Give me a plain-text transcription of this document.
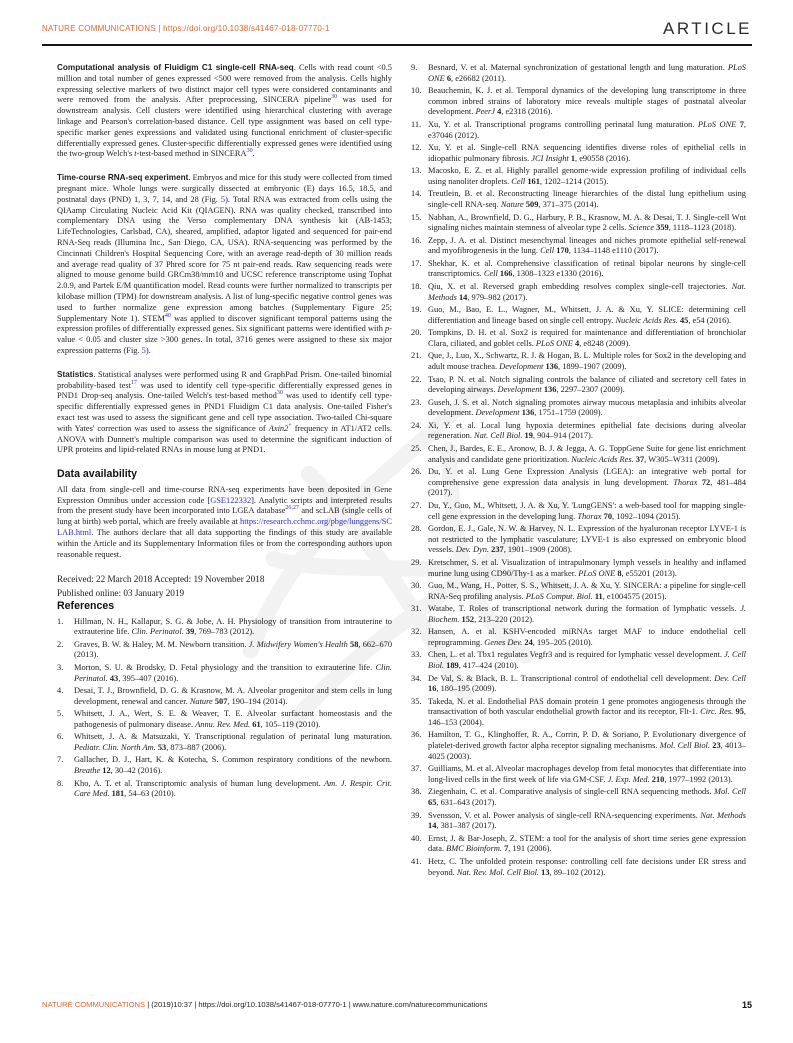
NATURE COMMUNICATIONS | https://doi.org/10.1038/s41467-018-07770-1	ARTICLE

Computational analysis of Fluidigm C1 single-cell RNA-seq. Cells with read count <0.5 million and total number of genes expressed <500 were removed from the analysis. Cells highly expressing selective markers of two distinct major cell types were considered contaminants and were removed from the analysis. After preprocessing, SINCERA pipeline$^{30}$ was used for downstream analysis. Cell clusters were identified using hierarchical clustering with average linkage and Pearson's correlation-based distance. Cell type assignment was based on cell type-specific marker genes expressions and validated using functional enrichment of cluster-specific differentially expressed genes. Cluster-specific differentially expressed genes were identified using the two-group Welch's t-test-based method in SINCERA$^{30}$.

Time-course RNA-seq experiment. Embryos and mice for this study were collected from timed pregnant mice. Whole lungs were surgically dissected at embryonic (E) days 16.5, 18.5, and postnatal days (PND) 1, 3, 7, 14, and 28 (Fig. 5). Total RNA was extracted from cells using the QIAamp Circulating Nucleic Acid Kit (QIAGEN). RNA was quality checked, transcribed into complementary DNA using the Verso complementary DNA synthesis kit (AB-1453; LifeTechnologies, Carlsbad, CA), sheared, amplified, adaptor ligated and sequenced for pair-end RNA-Seq reads (Illumina Inc., San Diego, CA, USA). RNA-sequencing was performed by the Cincinnati Children's Hospital Sequencing Core, with an average read-depth of 30 million reads and average read quality of 37 Phred score for 75 nt pair-end reads. Raw sequencing reads were aligned to mouse genome build GRCm38/mm10 and UCSC reference transcriptome using Tophat 2.0.9, and Partek E/M quantification model. Read counts were further normalized to transcripts per kilobase million (TPM) for downstream analysis. A list of lung-specific negative control genes was used to further normalize gene expression among batches (Supplementary Figure 25; Supplementary Note 1). STEM$^{40}$ was applied to discover significant temporal patterns using the expression profiles of differentially expressed genes. Six significant patterns were identified with p-value < 0.05 and cluster size >300 genes. In total, 3716 genes were assigned to these six major expression patterns (Fig. 5).

Statistics. Statistical analyses were performed using R and GraphPad Prism. One-tailed binomial probability-based test$^{17}$ was used to identify cell type-specific differentially expressed genes in PND1 Drop-seq analysis. One-tailed Welch's test-based method$^{30}$ was used to identify cell type-specific differentially expressed genes in PND1 Fluidigm C1 data analysis. One-tailed Fisher's exact test was used to assess the significant gene and cell type association. Two-tailed Chi-square with Yates' correction was used to assess the significance of Axin2+ frequency in AT1/AT2 cells. ANOVA with Dunnett's multiple comparison was used to determine the significant induction of UPR proteins and lipid-related RNAs in mouse lung at PND1.

Data availability

All data from single-cell and time-course RNA-seq experiments have been deposited in Gene Expression Omnibus under accession code [GSE122332]. Analytic scripts and interpreted results from the present study have been incorporated into LGEA database$^{26,27}$ and scLAB (single cells of lung at birth) web portal, which are freely available at https://research.cchmc.org/pbge/lunggens/SCLAB.html. The authors declare that all data supporting the findings of this study are available within the Article and its Supplementary Information files or from the corresponding authors upon reasonable request.

Received: 22 March 2018 Accepted: 19 November 2018
Published online: 03 January 2019
References
1.	Hillman, N. H., Kallapur, S. G. & Jobe, A. H. Physiology of transition from intrauterine to extrauterine life. Clin. Perinatol. 39, 769–783 (2012).
2.	Graves, B. W. & Haley, M. M. Newborn transition. J. Midwifery Women's Health 58, 662–670 (2013).
3.	Morton, S. U. & Brodsky, D. Fetal physiology and the transition to extrauterine life. Clin. Perinatol. 43, 395–407 (2016).
4.	Desai, T. J., Brownfield, D. G. & Krasnow, M. A. Alveolar progenitor and stem cells in lung development, renewal and cancer. Nature 507, 190–194 (2014).
5.	Whitsett, J. A., Wert, S. E. & Weaver, T. E. Alveolar surfactant homeostasis and the pathogenesis of pulmonary disease. Annu. Rev. Med. 61, 105–119 (2010).
6.	Whitsett, J. A. & Matsuzaki, Y. Transcriptional regulation of perinatal lung maturation. Pediatr. Clin. North Am. 53, 873–887 (2006).
7.	Gallacher, D. J., Hart, K. & Kotecha, S. Common respiratory conditions of the newborn. Breathe 12, 30–42 (2016).
8.	Kho, A. T. et al. Transcriptomic analysis of human lung development. Am. J. Respir. Crit. Care Med. 181, 54–63 (2010).
9.	Besnard, V. et al. Maternal synchronization of gestational length and lung maturation. PLoS ONE 6, e26682 (2011).
10. Beauchemin, K. J. et al. Temporal dynamics of the developing lung transcriptome in three common inbred strains of laboratory mice reveals multiple stages of postnatal alveolar development. PeerJ 4, e2318 (2016).
11. Xu, Y. et al. Transcriptional programs controlling perinatal lung maturation. PLoS ONE 7, e37046 (2012).
12. Xu, Y. et al. Single-cell RNA sequencing identifies diverse roles of epithelial cells in idiopathic pulmonary fibrosis. JCI Insight 1, e90558 (2016).
13. Macosko, E. Z. et al. Highly parallel genome-wide expression profiling of individual cells using nanoliter droplets. Cell 161, 1202–1214 (2015).
14. Treutlein, B. et al. Reconstructing lineage hierarchies of the distal lung epithelium using single-cell RNA-seq. Nature 509, 371–375 (2014).
15. Nabhan, A., Brownfield, D. G., Harbury, P. B., Krasnow, M. A. & Desai, T. J. Single-cell Wnt signaling niches maintain stemness of alveolar type 2 cells. Science 359, 1118–1123 (2018).
16. Zepp, J. A. et al. Distinct mesenchymal lineages and niches promote epithelial self-renewal and myofibrogenesis in the lung. Cell 170, 1134–1148 e1110 (2017).
17. Shekhar, K. et al. Comprehensive classification of retinal bipolar neurons by single-cell transcriptomics. Cell 166, 1308–1323 e1330 (2016).
18. Qiu, X. et al. Reversed graph embedding resolves complex single-cell trajectories. Nat. Methods 14, 979–982 (2017).
19. Guo, M., Bao, E. L., Wagner, M., Whitsett, J. A. & Xu, Y. SLICE: determining cell differentiation and lineage based on single cell entropy. Nucleic Acids Res. 45, e54 (2016).
20. Tompkins, D. H. et al. Sox2 is required for maintenance and differentiation of bronchiolar Clara, ciliated, and goblet cells. PLoS ONE 4, e8248 (2009).
21. Que, J., Luo, X., Schwartz, R. J. & Hogan, B. L. Multiple roles for Sox2 in the developing and adult mouse trachea. Development 136, 1899–1907 (2009).
22. Tsao, P. N. et al. Notch signaling controls the balance of ciliated and secretory cell fates in developing airways. Development 136, 2297–2307 (2009).
23. Guseh, J. S. et al. Notch signaling promotes airway mucous metaplasia and inhibits alveolar development. Development 136, 1751–1759 (2009).
24. Xi, Y. et al. Local lung hypoxia determines epithelial fate decisions during alveolar regeneration. Nat. Cell Biol. 19, 904–914 (2017).
25. Chen, J., Bardes, E. E., Aronow, B. J. & Jegga, A. G. ToppGene Suite for gene list enrichment analysis and candidate gene prioritization. Nucleic Acids Res. 37, W305–W311 (2009).
26. Du, Y. et al. Lung Gene Expression Analysis (LGEA): an integrative web portal for comprehensive gene expression data analysis in lung development. Thorax 72, 481–484 (2017).
27. Du, Y., Guo, M., Whitsett, J. A. & Xu, Y. 'LungGENS': a web-based tool for mapping single-cell gene expression in the developing lung. Thorax 70, 1092–1094 (2015).
28. Gordon, E. J., Gale, N. W. & Harvey, N. L. Expression of the hyaluronan receptor LYVE-1 is not restricted to the lymphatic vasculature; LYVE-1 is also expressed on embryonic blood vessels. Dev. Dyn. 237, 1901–1909 (2008).
29. Kretschmer, S. et al. Visualization of intrapulmonary lymph vessels in healthy and inflamed murine lung using CD90/Thy-1 as a marker. PLoS ONE 8, e55201 (2013).
30. Guo, M., Wang, H., Potter, S. S., Whitsett, J. A. & Xu, Y. SINCERA: a pipeline for single-cell RNA-Seq profiling analysis. PLoS Comput. Biol. 11, e1004575 (2015).
31. Watabe, T. Roles of transcriptional network during the formation of lymphatic vessels. J. Biochem. 152, 213–220 (2012).
32. Hansen, A. et al. KSHV-encoded miRNAs target MAF to induce endothelial cell reprogramming. Genes Dev. 24, 195–205 (2010).
33. Chen, L. et al. Tbx1 regulates Vegfr3 and is required for lymphatic vessel development. J. Cell Biol. 189, 417–424 (2010).
34. De Val, S. & Black, B. L. Transcriptional control of endothelial cell development. Dev. Cell 16, 180–195 (2009).
35. Takeda, N. et al. Endothelial PAS domain protein 1 gene promotes angiogenesis through the transactivation of both vascular endothelial growth factor and its receptor, Flt-1. Circ. Res. 95, 146–153 (2004).
36. Hamilton, T. G., Klinghoffer, R. A., Corrin, P. D. & Soriano, P. Evolutionary divergence of platelet-derived growth factor alpha receptor signaling mechanisms. Mol. Cell Biol. 23, 4013–4025 (2003).
37. Guilliams, M. et al. Alveolar macrophages develop from fetal monocytes that differentiate into long-lived cells in the first week of life via GM-CSF. J. Exp. Med. 210, 1977–1992 (2013).
38. Ziegenhain, C. et al. Comparative analysis of single-cell RNA sequencing methods. Mol. Cell 65, 631–643 (2017).
39. Svensson, V. et al. Power analysis of single-cell RNA-sequencing experiments. Nat. Methods 14, 381–387 (2017).
40. Ernst, J. & Bar-Joseph, Z. STEM: a tool for the analysis of short time series gene expression data. BMC Bioinform. 7, 191 (2006).
41. Hetz, C. The unfolded protein response: controlling cell fate decisions under ER stress and beyond. Nat. Rev. Mol. Cell Biol. 13, 89–102 (2012).
NATURE COMMUNICATIONS | (2019)10:37 | https://doi.org/10.1038/s41467-018-07770-1 | www.nature.com/naturecommunications	15
